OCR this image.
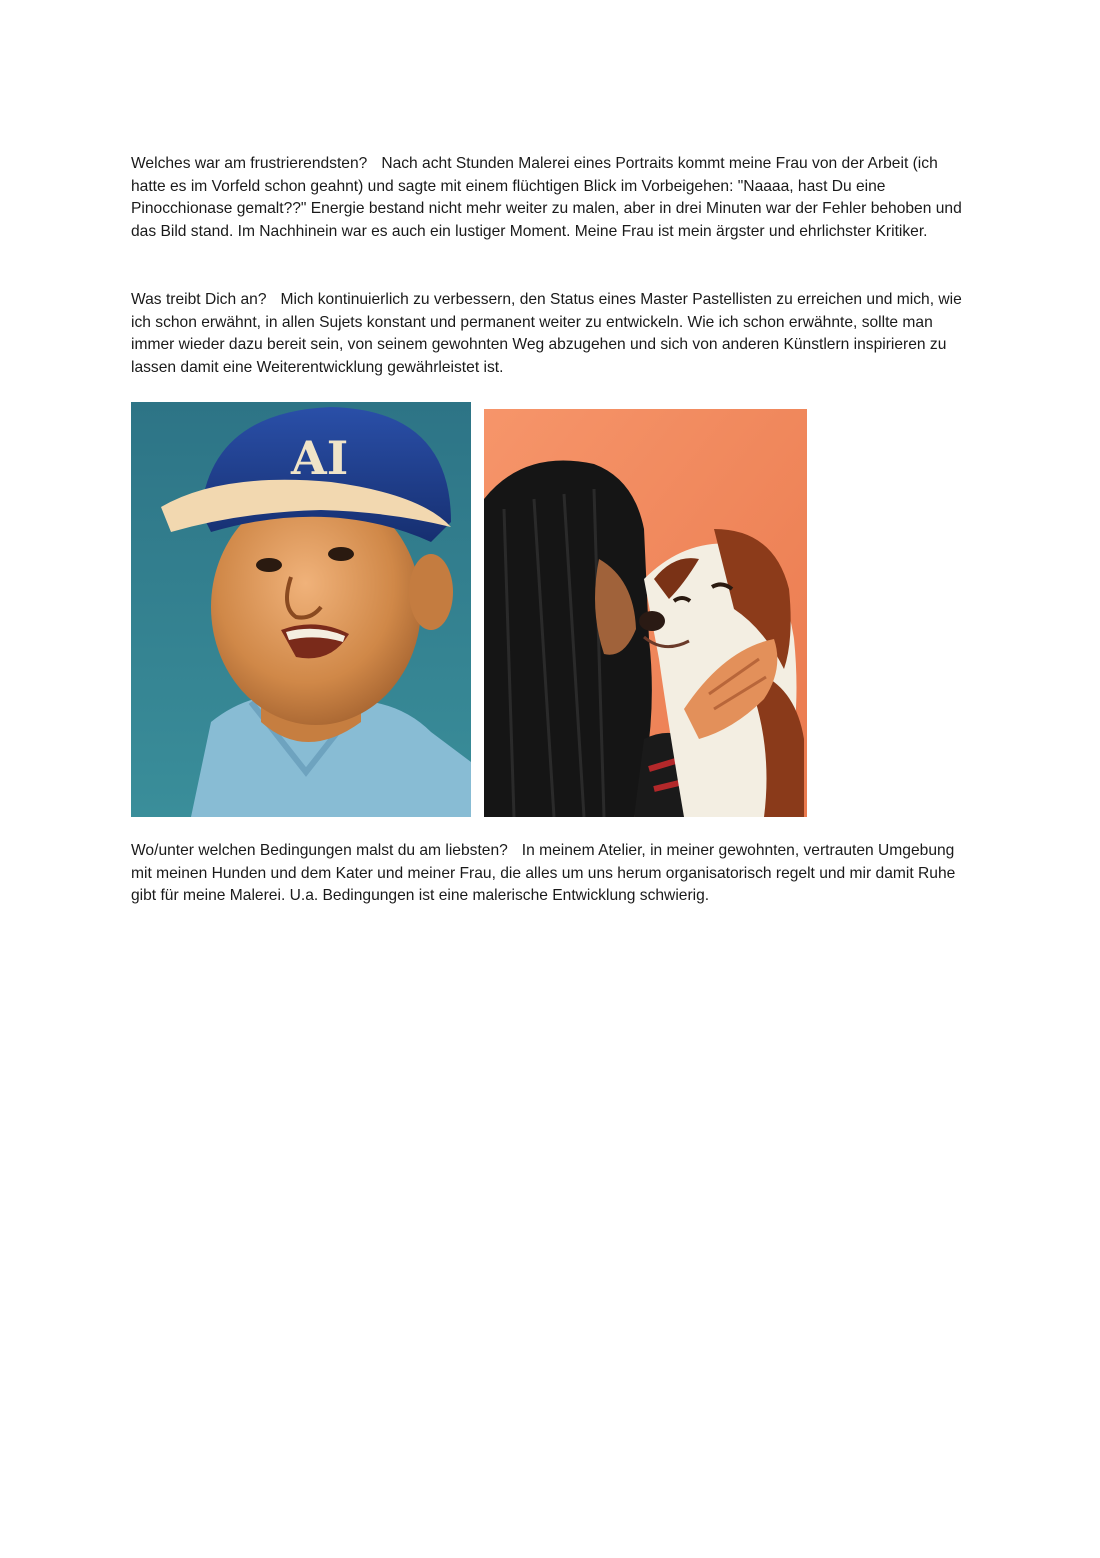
Welches war am frustrierendsten? Nach acht Stunden Malerei eines Portraits kommt meine Frau von der Arbeit (ich hatte es im Vorfeld schon geahnt) und sagte mit einem flüchtigen Blick im Vorbeigehen: "Naaaa, hast Du eine Pinocchionase gemalt??" Energie bestand nicht mehr weiter zu malen, aber in drei Minuten war der Fehler behoben und das Bild stand. Im Nachhinein war es auch ein lustiger Moment. Meine Frau ist mein ärgster und ehrlichster Kritiker.

Was treibt Dich an? Mich kontinuierlich zu verbessern, den Status eines Master Pastellisten zu erreichen und mich, wie ich schon erwähnt, in allen Sujets konstant und permanent weiter zu entwickeln. Wie ich schon erwähnte, sollte man immer wieder dazu bereit sein, von seinem gewohnten Weg abzugehen und sich von anderen Künstlern inspirieren zu lassen damit eine Weiterentwicklung gewährleistet ist.

AI

Wo/unter welchen Bedingungen malst du am liebsten? In meinem Atelier, in meiner gewohnten, vertrauten Umgebung mit meinen Hunden und dem Kater und meiner Frau, die alles um uns herum organisatorisch regelt und mir damit Ruhe gibt für meine Malerei. U.a. Bedingungen ist eine malerische Entwicklung schwierig.
